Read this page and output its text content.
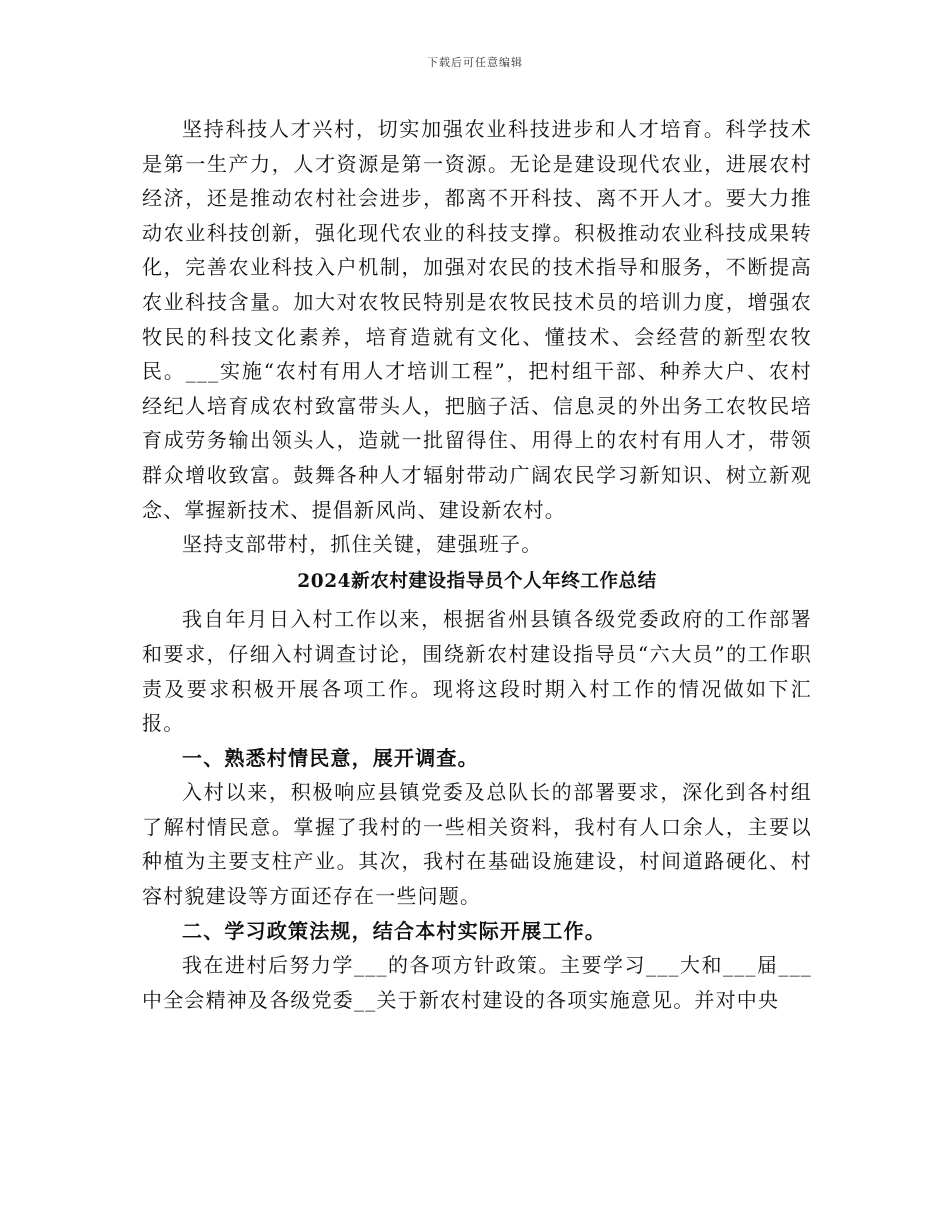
下载后可任意编辑

坚持科技人才兴村，切实加强农业科技进步和人才培育。科学技术是第一生产力，人才资源是第一资源。无论是建设现代农业，进展农村经济，还是推动农村社会进步，都离不开科技、离不开人才。要大力推动农业科技创新，强化现代农业的科技支撑。积极推动农业科技成果转化，完善农业科技入户机制，加强对农民的技术指导和服务，不断提高农业科技含量。加大对农牧民特别是农牧民技术员的培训力度，增强农牧民的科技文化素养，培育造就有文化、懂技术、会经营的新型农牧民。___实施“农村有用人才培训工程”，把村组干部、种养大户、农村经纪人培育成农村致富带头人，把脑子活、信息灵的外出务工农牧民培育成劳务输出领头人，造就一批留得住、用得上的农村有用人才，带领群众增收致富。鼓舞各种人才辐射带动广阔农民学习新知识、树立新观念、掌握新技术、提倡新风尚、建设新农村。

坚持支部带村，抓住关键，建强班子。

2024新农村建设指导员个人年终工作总结

我自年月日入村工作以来，根据省州县镇各级党委政府的工作部署和要求，仔细入村调查讨论，围绕新农村建设指导员“六大员”的工作职责及要求积极开展各项工作。现将这段时期入村工作的情况做如下汇报。

一、熟悉村情民意，展开调查。

入村以来，积极响应县镇党委及总队长的部署要求，深化到各村组了解村情民意。掌握了我村的一些相关资料，我村有人口余人，主要以种植为主要支柱产业。其次，我村在基础设施建设，村间道路硬化、村容村貌建设等方面还存在一些问题。

二、学习政策法规，结合本村实际开展工作。

我在进村后努力学___的各项方针政策。主要学习___大和___届___中全会精神及各级党委__关于新农村建设的各项实施意见。并对中央
